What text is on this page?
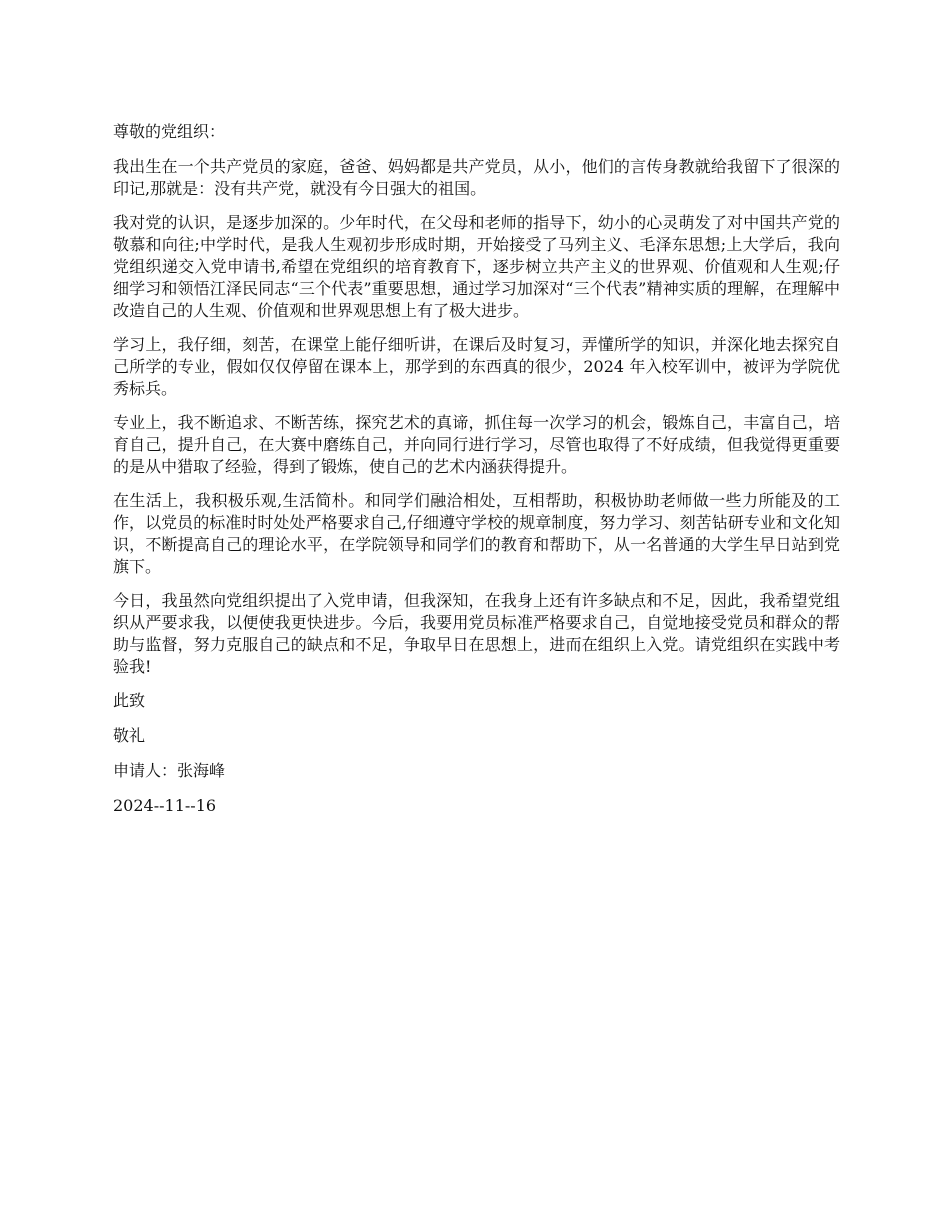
尊敬的党组织：

我出生在一个共产党员的家庭，爸爸、妈妈都是共产党员，从小，他们的言传身教就给我留下了很深的印记,那就是：没有共产党，就没有今日强大的祖国。

我对党的认识，是逐步加深的。少年时代，在父母和老师的指导下，幼小的心灵萌发了对中国共产党的敬慕和向往;中学时代，是我人生观初步形成时期，开始接受了马列主义、毛泽东思想;上大学后，我向党组织递交入党申请书,希望在党组织的培育教育下，逐步树立共产主义的世界观、价值观和人生观;仔细学习和领悟江泽民同志“三个代表”重要思想，通过学习加深对“三个代表”精神实质的理解，在理解中改造自己的人生观、价值观和世界观思想上有了极大进步。

学习上，我仔细，刻苦，在课堂上能仔细听讲，在课后及时复习，弄懂所学的知识，并深化地去探究自己所学的专业，假如仅仅停留在课本上，那学到的东西真的很少，2024 年入校军训中，被评为学院优秀标兵。

专业上，我不断追求、不断苦练，探究艺术的真谛，抓住每一次学习的机会，锻炼自己，丰富自己，培育自己，提升自己，在大赛中磨练自己，并向同行进行学习，尽管也取得了不好成绩，但我觉得更重要的是从中猎取了经验，得到了锻炼，使自己的艺术内涵获得提升。

在生活上，我积极乐观,生活简朴。和同学们融洽相处，互相帮助，积极协助老师做一些力所能及的工作，以党员的标准时时处处严格要求自己,仔细遵守学校的规章制度，努力学习、刻苦钻研专业和文化知识，不断提高自己的理论水平，在学院领导和同学们的教育和帮助下，从一名普通的大学生早日站到党旗下。

今日，我虽然向党组织提出了入党申请，但我深知，在我身上还有许多缺点和不足，因此，我希望党组织从严要求我，以便使我更快进步。今后，我要用党员标准严格要求自己，自觉地接受党员和群众的帮助与监督，努力克服自己的缺点和不足，争取早日在思想上，进而在组织上入党。请党组织在实践中考验我!

此致

敬礼

申请人：张海峰

2024--11--16
